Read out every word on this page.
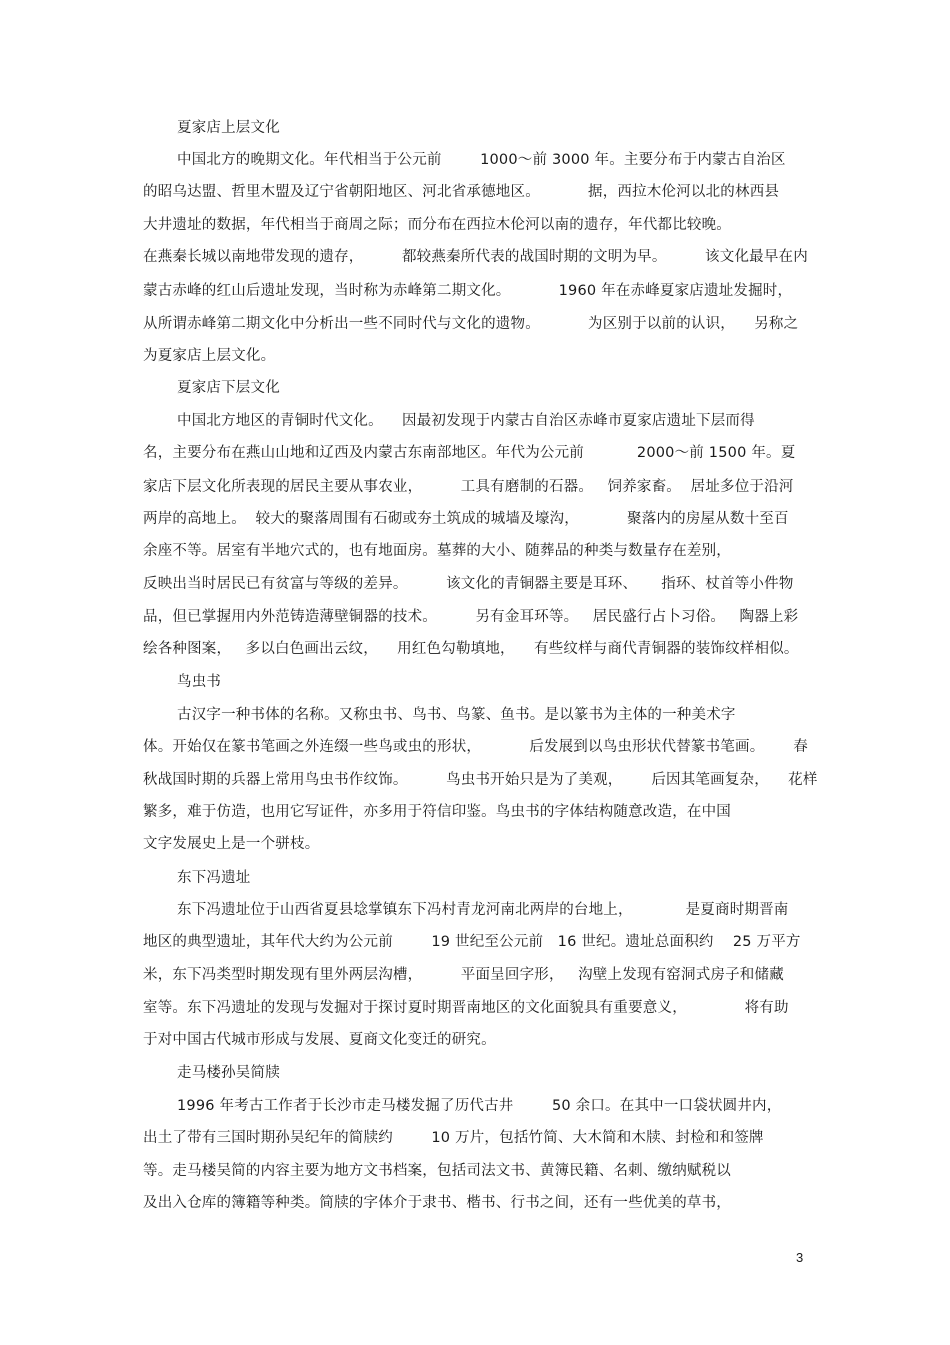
夏家店上层文化
中国北方的晚期文化。年代相当于公元前        1000～前 3000 年。主要分布于内蒙古自治区
的昭乌达盟、哲里木盟及辽宁省朝阳地区、河北省承德地区。          据，西拉木伦河以北的林西县
大井遗址的数据，年代相当于商周之际；而分布在西拉木伦河以南的遗存，年代都比较晚。
在燕秦长城以南地带发现的遗存，        都较燕秦所代表的战国时期的文明为早。        该文化最早在内
蒙古赤峰的红山后遗址发现，当时称为赤峰第二期文化。          1960 年在赤峰夏家店遗址发掘时，
从所谓赤峰第二期文化中分析出一些不同时代与文化的遗物。          为区别于以前的认识，    另称之
为夏家店上层文化。
夏家店下层文化
中国北方地区的青铜时代文化。    因最初发现于内蒙古自治区赤峰市夏家店遗址下层而得
名，主要分布在燕山山地和辽西及内蒙古东南部地区。年代为公元前           2000～前 1500 年。夏
家店下层文化所表现的居民主要从事农业，        工具有磨制的石器。   饲养家畜。  居址多位于沿河
两岸的高地上。  较大的聚落周围有石砌或夯土筑成的城墙及壕沟，          聚落内的房屋从数十至百
余座不等。居室有半地穴式的，也有地面房。墓葬的大小、随葬品的种类与数量存在差别，
反映出当时居民已有贫富与等级的差异。        该文化的青铜器主要是耳环、     指环、杖首等小件物
品，但已掌握用内外范铸造薄壁铜器的技术。        另有金耳环等。   居民盛行占卜习俗。   陶器上彩
绘各种图案，   多以白色画出云纹，    用红色勾勒填地，    有些纹样与商代青铜器的装饰纹样相似。
鸟虫书
古汉字一种书体的名称。又称虫书、鸟书、鸟篆、鱼书。是以篆书为主体的一种美术字
体。开始仅在篆书笔画之外连缀一些鸟或虫的形状，          后发展到以鸟虫形状代替篆书笔画。      春
秋战国时期的兵器上常用鸟虫书作纹饰。        鸟虫书开始只是为了美观，      后因其笔画复杂，    花样
繁多，难于仿造，也用它写证件，亦多用于符信印鉴。鸟虫书的字体结构随意改造，在中国
文字发展史上是一个骈枝。
东下冯遗址
东下冯遗址位于山西省夏县埝掌镇东下冯村青龙河南北两岸的台地上，           是夏商时期晋南
地区的典型遗址，其年代大约为公元前        19 世纪至公元前   16 世纪。遗址总面积约    25 万平方
米，东下冯类型时期发现有里外两层沟槽，        平面呈回字形，   沟壁上发现有窑洞式房子和储藏
室等。东下冯遗址的发现与发掘对于探讨夏时期晋南地区的文化面貌具有重要意义，            将有助
于对中国古代城市形成与发展、夏商文化变迁的研究。
走马楼孙吴简牍
1996 年考古工作者于长沙市走马楼发掘了历代古井        50 余口。在其中一口袋状圆井内，
出土了带有三国时期孙吴纪年的简牍约        10 万片，包括竹简、大木简和木牍、封检和和签牌
等。走马楼吴简的内容主要为地方文书档案，包括司法文书、黄簿民籍、名刺、缴纳赋税以
及出入仓库的簿籍等种类。简牍的字体介于隶书、楷书、行书之间，还有一些优美的草书，
3
